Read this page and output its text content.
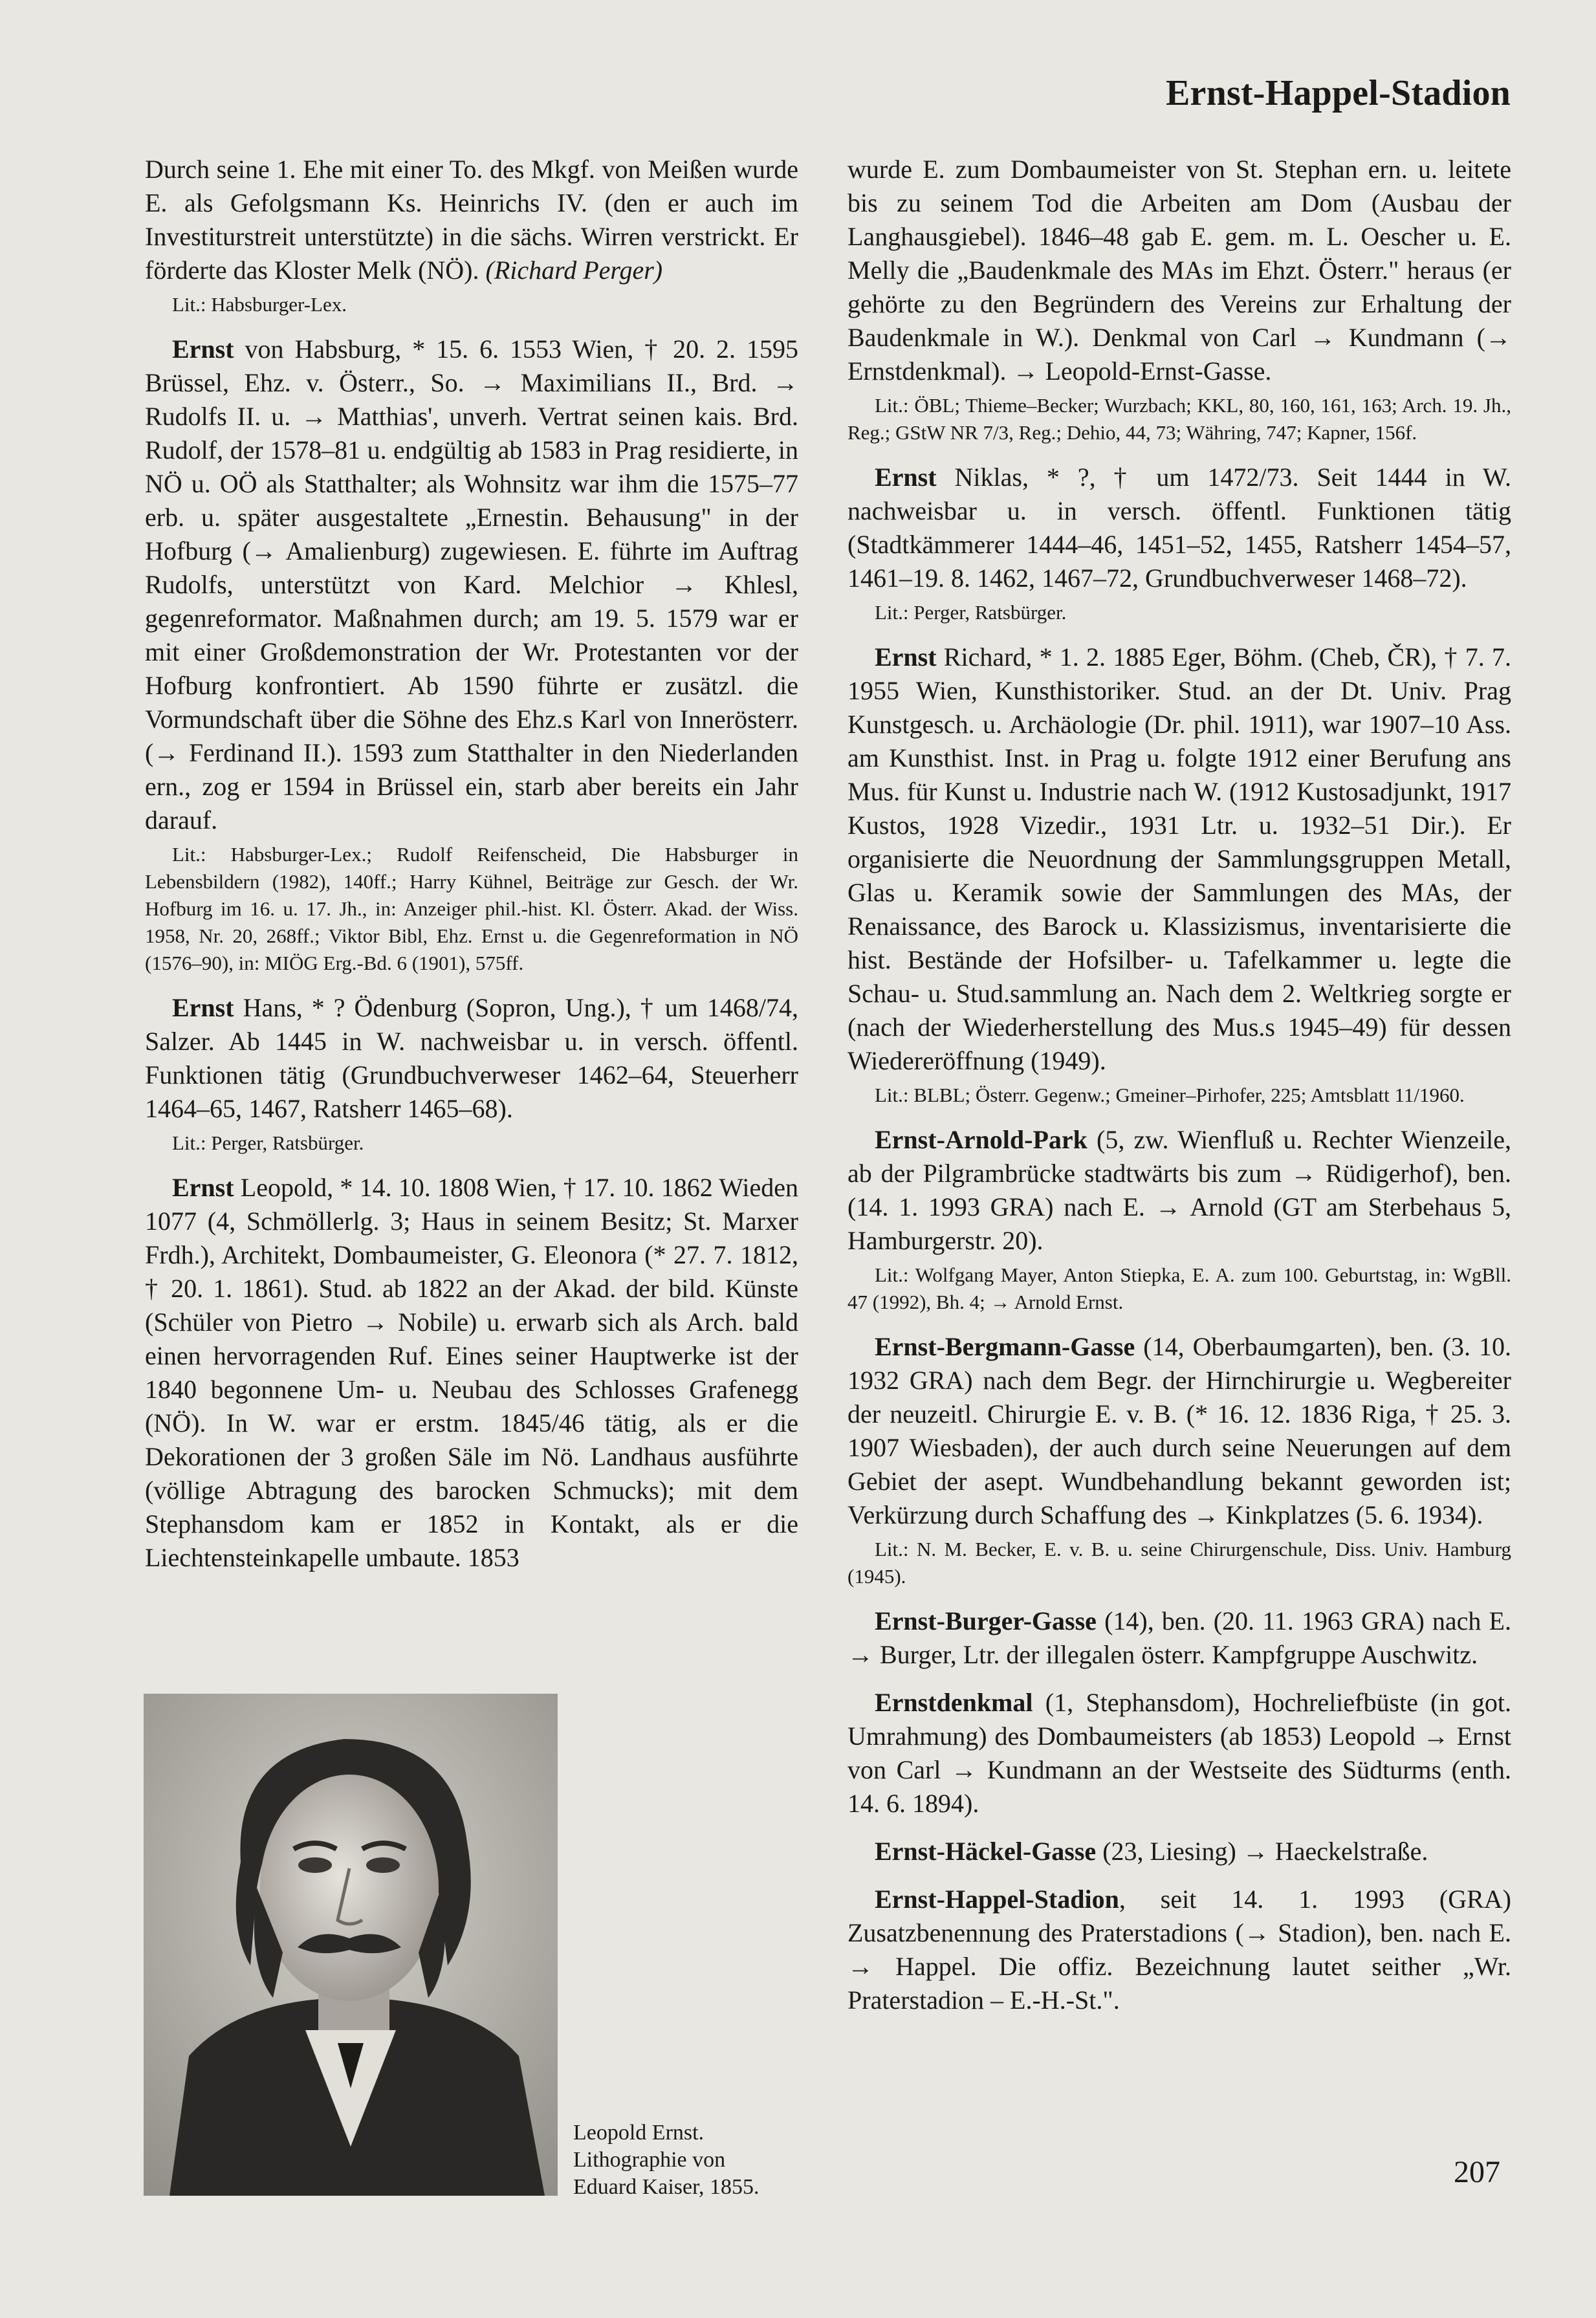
Ernst-Happel-Stadion

Durch seine 1. Ehe mit einer To. des Mkgf. von Meißen wurde E. als Gefolgsmann Ks. Heinrichs IV. (den er auch im Investiturstreit unterstützte) in die sächs. Wirren verstrickt. Er förderte das Kloster Melk (NÖ). (Richard Perger)

Lit.: Habsburger-Lex.

Ernst von Habsburg, * 15. 6. 1553 Wien, † 20. 2. 1595 Brüssel, Ehz. v. Österr., So. → Maximilians II., Brd. → Rudolfs II. u. → Matthias', unverh. Vertrat seinen kais. Brd. Rudolf, der 1578–81 u. endgültig ab 1583 in Prag residierte, in NÖ u. OÖ als Statthalter; als Wohnsitz war ihm die 1575–77 erb. u. später ausgestaltete „Ernestin. Behausung" in der Hofburg (→ Amalienburg) zugewiesen. E. führte im Auftrag Rudolfs, unterstützt von Kard. Melchior → Khlesl, gegenreformator. Maßnahmen durch; am 19. 5. 1579 war er mit einer Großdemonstration der Wr. Protestanten vor der Hofburg konfrontiert. Ab 1590 führte er zusätzl. die Vormundschaft über die Söhne des Ehz.s Karl von Innerösterr. (→ Ferdinand II.). 1593 zum Statthalter in den Niederlanden ern., zog er 1594 in Brüssel ein, starb aber bereits ein Jahr darauf.

Lit.: Habsburger-Lex.; Rudolf Reifenscheid, Die Habsburger in Lebensbildern (1982), 140ff.; Harry Kühnel, Beiträge zur Gesch. der Wr. Hofburg im 16. u. 17. Jh., in: Anzeiger phil.-hist. Kl. Österr. Akad. der Wiss. 1958, Nr. 20, 268ff.; Viktor Bibl, Ehz. Ernst u. die Gegenreformation in NÖ (1576–90), in: MIÖG Erg.-Bd. 6 (1901), 575ff.

Ernst Hans, * ? Ödenburg (Sopron, Ung.), † um 1468/74, Salzer. Ab 1445 in W. nachweisbar u. in versch. öffentl. Funktionen tätig (Grundbuchverweser 1462–64, Steuerherr 1464–65, 1467, Ratsherr 1465–68).

Lit.: Perger, Ratsbürger.

Ernst Leopold, * 14. 10. 1808 Wien, † 17. 10. 1862 Wieden 1077 (4, Schmöllerlg. 3; Haus in seinem Besitz; St. Marxer Frdh.), Architekt, Dombaumeister, G. Eleonora (* 27. 7. 1812, † 20. 1. 1861). Stud. ab 1822 an der Akad. der bild. Künste (Schüler von Pietro → Nobile) u. erwarb sich als Arch. bald einen hervorragenden Ruf. Eines seiner Hauptwerke ist der 1840 begonnene Um- u. Neubau des Schlosses Grafenegg (NÖ). In W. war er erstm. 1845/46 tätig, als er die Dekorationen der 3 großen Säle im Nö. Landhaus ausführte (völlige Abtragung des barocken Schmucks); mit dem Stephansdom kam er 1852 in Kontakt, als er die Liechtensteinkapelle umbaute. 1853

Leopold Ernst.
Lithographie von
Eduard Kaiser, 1855.

wurde E. zum Dombaumeister von St. Stephan ern. u. leitete bis zu seinem Tod die Arbeiten am Dom (Ausbau der Langhausgiebel). 1846–48 gab E. gem. m. L. Oescher u. E. Melly die „Baudenkmale des MAs im Ehzt. Österr." heraus (er gehörte zu den Begründern des Vereins zur Erhaltung der Baudenkmale in W.). Denkmal von Carl → Kundmann (→ Ernstdenkmal). → Leopold-Ernst-Gasse.

Lit.: ÖBL; Thieme–Becker; Wurzbach; KKL, 80, 160, 161, 163; Arch. 19. Jh., Reg.; GStW NR 7/3, Reg.; Dehio, 44, 73; Währing, 747; Kapner, 156f.

Ernst Niklas, * ?, † um 1472/73. Seit 1444 in W. nachweisbar u. in versch. öffentl. Funktionen tätig (Stadtkämmerer 1444–46, 1451–52, 1455, Ratsherr 1454–57, 1461–19. 8. 1462, 1467–72, Grundbuchverweser 1468–72).

Lit.: Perger, Ratsbürger.

Ernst Richard, * 1. 2. 1885 Eger, Böhm. (Cheb, ČR), † 7. 7. 1955 Wien, Kunsthistoriker. Stud. an der Dt. Univ. Prag Kunstgesch. u. Archäologie (Dr. phil. 1911), war 1907–10 Ass. am Kunsthist. Inst. in Prag u. folgte 1912 einer Berufung ans Mus. für Kunst u. Industrie nach W. (1912 Kustosadjunkt, 1917 Kustos, 1928 Vizedir., 1931 Ltr. u. 1932–51 Dir.). Er organisierte die Neuordnung der Sammlungsgruppen Metall, Glas u. Keramik sowie der Sammlungen des MAs, der Renaissance, des Barock u. Klassizismus, inventarisierte die hist. Bestände der Hofsilber- u. Tafelkammer u. legte die Schau- u. Stud.sammlung an. Nach dem 2. Weltkrieg sorgte er (nach der Wiederherstellung des Mus.s 1945–49) für dessen Wiedereröffnung (1949).

Lit.: BLBL; Österr. Gegenw.; Gmeiner–Pirhofer, 225; Amtsblatt 11/1960.

Ernst-Arnold-Park (5, zw. Wienfluß u. Rechter Wienzeile, ab der Pilgrambrücke stadtwärts bis zum → Rüdigerhof), ben. (14. 1. 1993 GRA) nach E. → Arnold (GT am Sterbehaus 5, Hamburgerstr. 20).

Lit.: Wolfgang Mayer, Anton Stiepka, E. A. zum 100. Geburtstag, in: WgBll. 47 (1992), Bh. 4; → Arnold Ernst.

Ernst-Bergmann-Gasse (14, Oberbaumgarten), ben. (3. 10. 1932 GRA) nach dem Begr. der Hirnchirurgie u. Wegbereiter der neuzeitl. Chirurgie E. v. B. (* 16. 12. 1836 Riga, † 25. 3. 1907 Wiesbaden), der auch durch seine Neuerungen auf dem Gebiet der asept. Wundbehandlung bekannt geworden ist; Verkürzung durch Schaffung des → Kinkplatzes (5. 6. 1934).

Lit.: N. M. Becker, E. v. B. u. seine Chirurgenschule, Diss. Univ. Hamburg (1945).

Ernst-Burger-Gasse (14), ben. (20. 11. 1963 GRA) nach E. → Burger, Ltr. der illegalen österr. Kampfgruppe Auschwitz.

Ernstdenkmal (1, Stephansdom), Hochreliefbüste (in got. Umrahmung) des Dombaumeisters (ab 1853) Leopold → Ernst von Carl → Kundmann an der Westseite des Südturms (enth. 14. 6. 1894).

Ernst-Häckel-Gasse (23, Liesing) → Haeckelstraße.

Ernst-Happel-Stadion, seit 14. 1. 1993 (GRA) Zusatzbenennung des Praterstadions (→ Stadion), ben. nach E. → Happel. Die offiz. Bezeichnung lautet seither „Wr. Praterstadion – E.-H.-St.".

207
